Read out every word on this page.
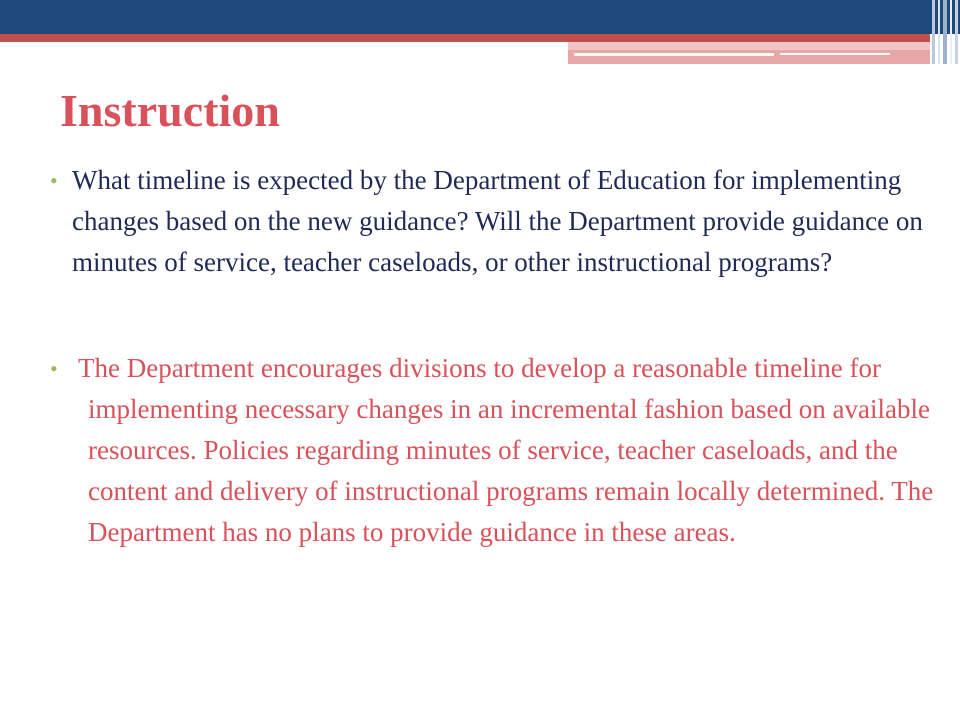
Instruction
• What timeline is expected by the Department of Education for implementing changes based on the new guidance? Will the Department provide guidance on minutes of service, teacher caseloads, or other instructional programs?
• The Department encourages divisions to develop a reasonable timeline for implementing necessary changes in an incremental fashion based on available resources. Policies regarding minutes of service, teacher caseloads, and the content and delivery of instructional programs remain locally determined. The Department has no plans to provide guidance in these areas.
